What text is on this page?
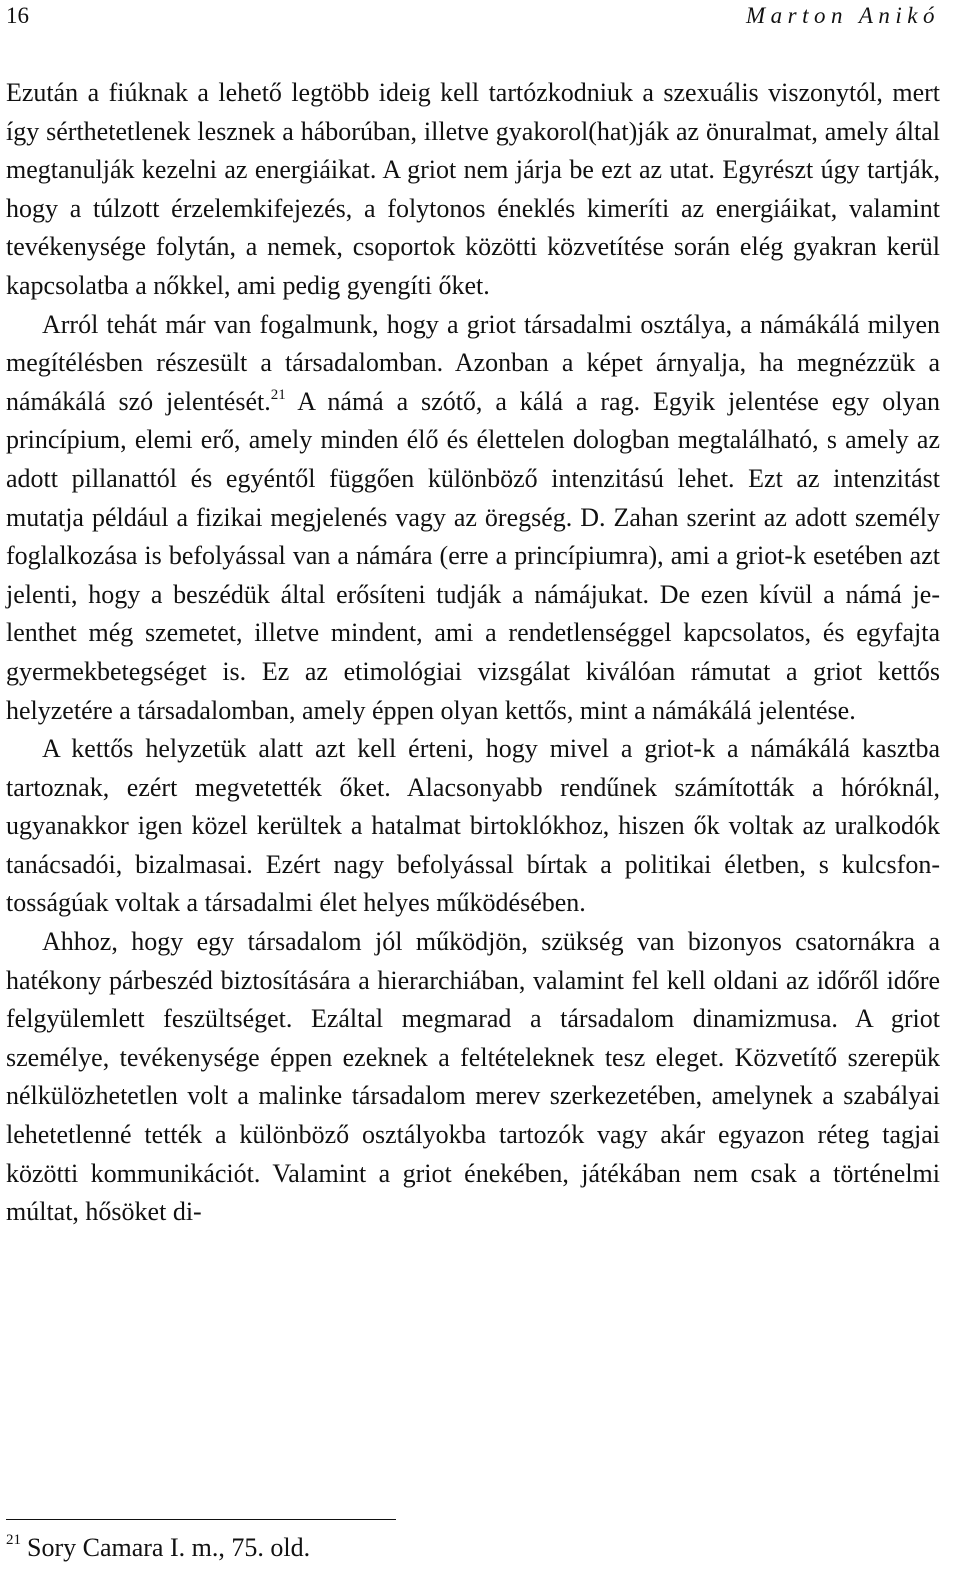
16	Marton Anikó

Ezután a fiúknak a lehető legtöbb ideig kell tartózkodniuk a szexuális viszonytól, mert így sérthetetlenek lesznek a háborúban, illetve gyakorol(hat)ják az önuralmat, amely által megtanulják kezelni az energiáikat. A griot nem járja be ezt az utat. Egyrészt úgy tartják, hogy a túlzott érzelemkifejezés, a folytonos éneklés kimeríti az energiáikat, valamint tevékenysége folytán, a nemek, csoportok közötti közvetítése során elég gyakran kerül kapcsolatba a nőkkel, ami pedig gyengíti őket.

Arról tehát már van fogalmunk, hogy a griot társadalmi osztálya, a námákálá milyen megítélésben részesült a társadalomban. Azonban a képet árnyalja, ha megnézzük a námákálá szó jelentését.$^{21}$ A námá a szótő, a kálá a rag. Egyik jelentése egy olyan princípium, elemi erő, amely minden élő és élettelen dologban megtalálható, s amely az adott pillanattól és egyéntől függően különböző intenzitású lehet. Ezt az intenzitást mutatja például a fizikai megjelenés vagy az öregség. D. Zahan szerint az adott személy foglalkozása is befolyással van a námára (erre a princípiumra), ami a griot-k esetében azt jelenti, hogy a beszédük által erősíteni tudják a námájukat. De ezen kívül a námá jelenthet még szemetet, illetve mindent, ami a rendetlenséggel kapcsolatos, és egyfajta gyermekbetegséget is. Ez az etimológiai vizsgálat kiválóan rámutat a griot kettős helyzetére a társadalomban, amely éppen olyan kettős, mint a námákálá jelentése.

A kettős helyzetük alatt azt kell érteni, hogy mivel a griot-k a námákálá kasztba tartoznak, ezért megvetették őket. Alacsonyabb rendűnek számították a hóróknál, ugyanakkor igen közel kerültek a hatalmat birtoklókhoz, hiszen ők voltak az uralkodók tanácsadói, bizalmasai. Ezért nagy befolyással bírtak a politikai életben, s kulcsfontosságúak voltak a társadalmi élet helyes működésében.

Ahhoz, hogy egy társadalom jól működjön, szükség van bizonyos csatornákra a hatékony párbeszéd biztosítására a hierarchiában, valamint fel kell oldani az időről időre felgyülemlett feszültséget. Ezáltal megmarad a társadalom dinamizmusa. A griot személye, tevékenysége éppen ezeknek a feltételeknek tesz eleget. Közvetítő szerepük nélkülözhetetlen volt a malinke társadalom merev szerkezetében, amelynek a szabályai lehetetlenné tették a különböző osztályokba tartozók vagy akár egyazon réteg tagjai közötti kommunikációt. Valamint a griot énekében, játékában nem csak a történelmi múltat, hősöket di-

$^{21}$ Sory Camara I. m., 75. old.
